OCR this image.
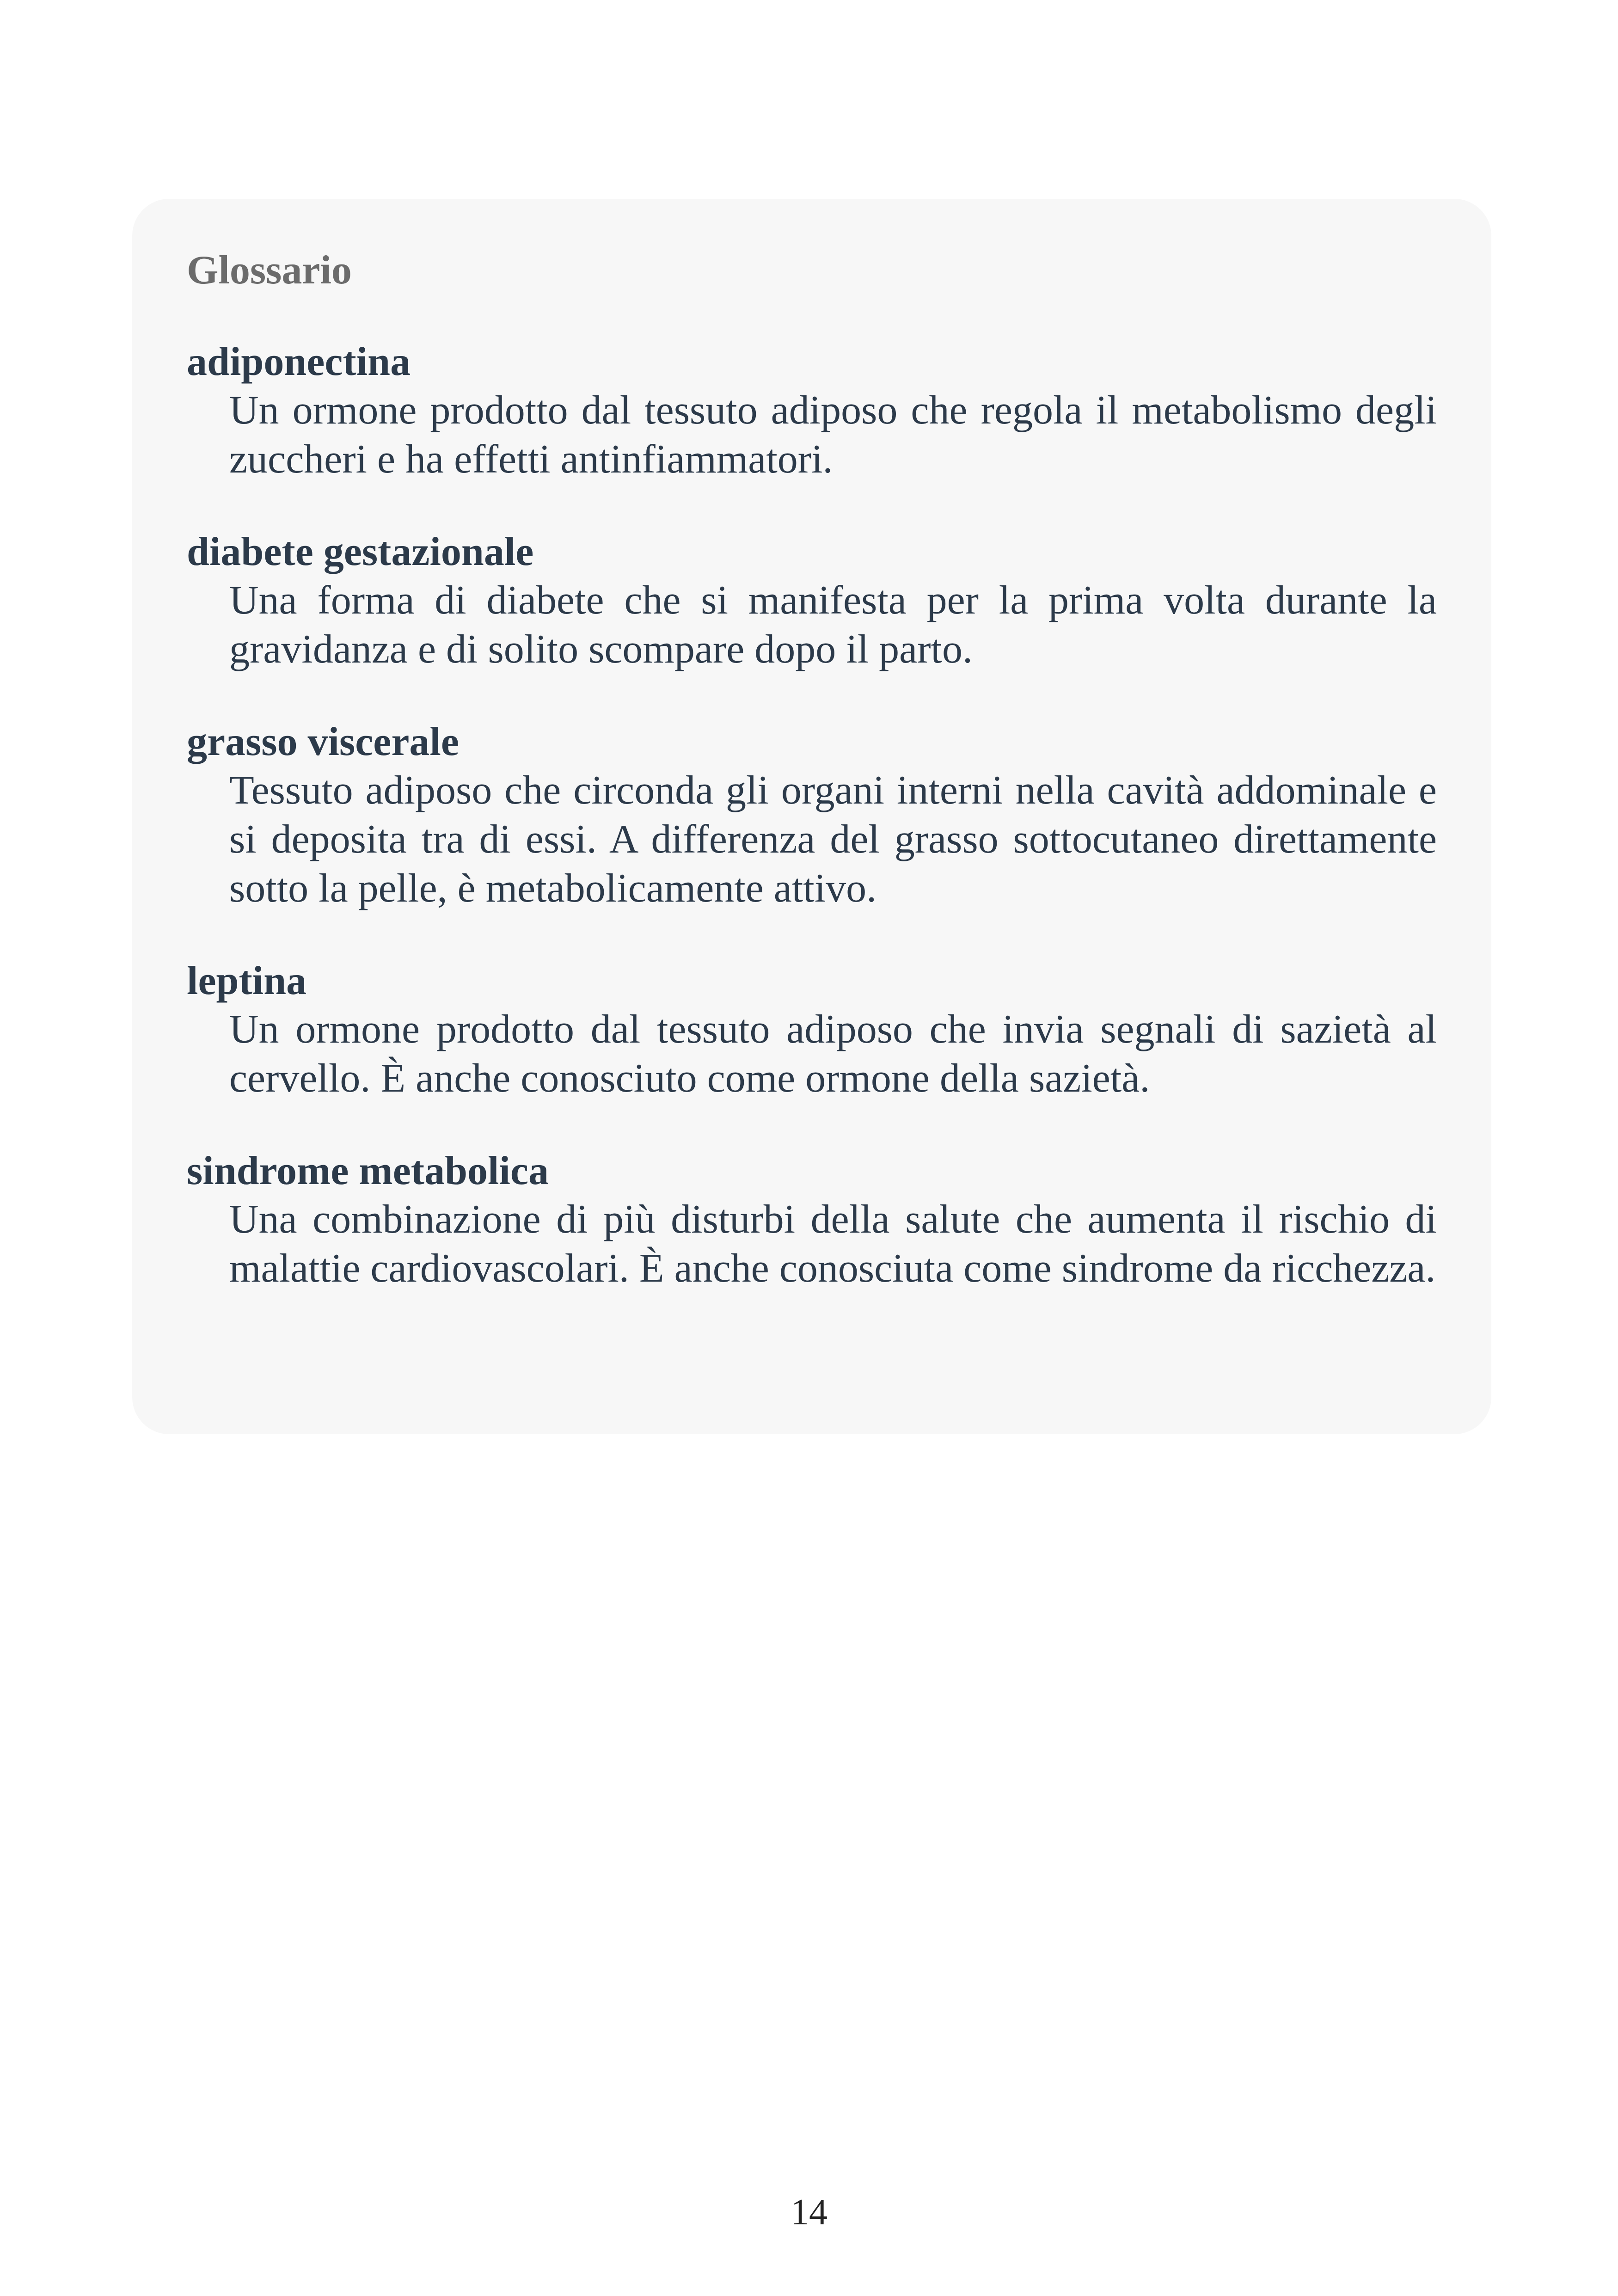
Glossario
adiponectina
Un ormone prodotto dal tessuto adiposo che regola il metabolismo degli zuccheri e ha effetti antinfiammatori.
diabete gestazionale
Una forma di diabete che si manifesta per la prima volta durante la gravidanza e di solito scompare dopo il parto.
grasso viscerale
Tessuto adiposo che circonda gli organi interni nella cavità addominale e si deposita tra di essi. A differenza del grasso sottocutaneo direttamente sotto la pelle, è metabolicamente attivo.
leptina
Un ormone prodotto dal tessuto adiposo che invia segnali di sazietà al cervello. È anche conosciuto come ormone della sazietà.
sindrome metabolica
Una combinazione di più disturbi della salute che aumenta il rischio di malattie cardiovascolari. È anche conosciuta come sindrome da ricchezza.
14
